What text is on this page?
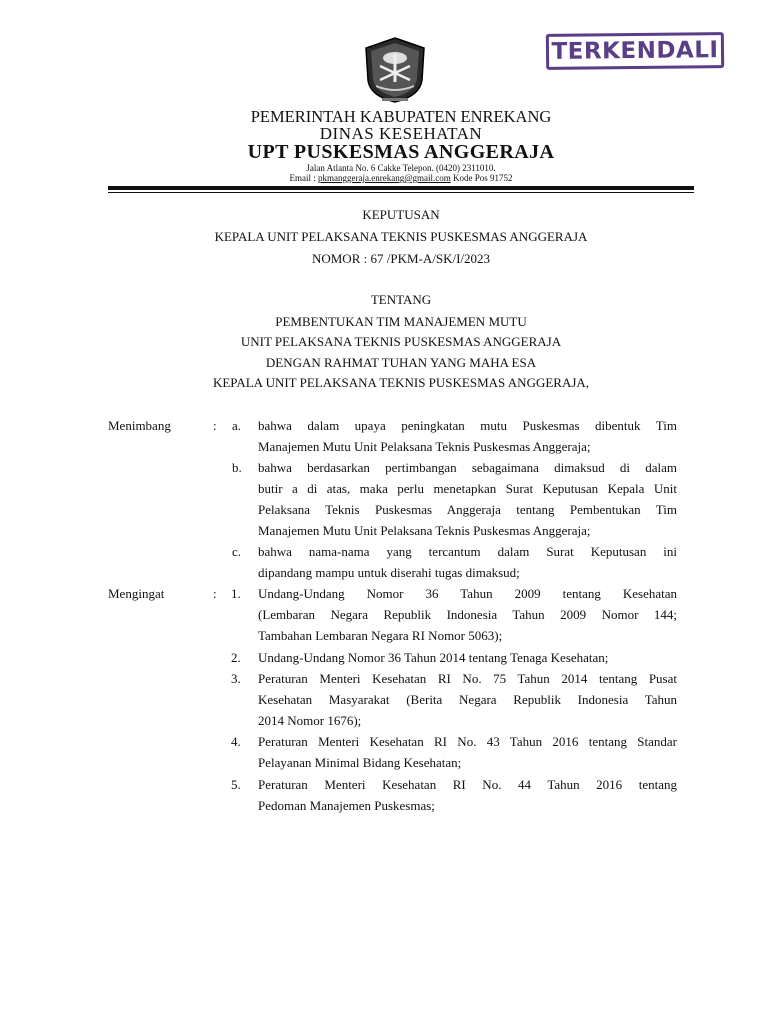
TERKENDALI
PEMERINTAH KABUPATEN ENREKANG
DINAS KESEHATAN
UPT PUSKESMAS ANGGERAJA
Jalan Atlanta No. 6 Cakke Telepon. (0420) 2311010.
Email : pkmanggeraja.enrekang@gmail.com Kode Pos 91752
KEPUTUSAN
KEPALA UNIT PELAKSANA TEKNIS PUSKESMAS ANGGERAJA
NOMOR : 67 /PKM-A/SK/I/2023
TENTANG
PEMBENTUKAN TIM MANAJEMEN MUTU
UNIT PELAKSANA TEKNIS PUSKESMAS ANGGERAJA
DENGAN RAHMAT TUHAN YANG MAHA ESA
KEPALA UNIT PELAKSANA TEKNIS PUSKESMAS ANGGERAJA,
Menimbang	: a. bahwa dalam upaya peningkatan mutu Puskesmas dibentuk Tim
Manajemen Mutu Unit Pelaksana Teknis Puskesmas Anggeraja;
b. bahwa berdasarkan pertimbangan sebagaimana dimaksud di dalam
butir a di atas, maka perlu menetapkan Surat Keputusan Kepala Unit
Pelaksana Teknis Puskesmas Anggeraja tentang Pembentukan Tim
Manajemen Mutu Unit Pelaksana Teknis Puskesmas Anggeraja;
c. bahwa nama-nama yang tercantum dalam Surat Keputusan ini
dipandang mampu untuk diserahi tugas dimaksud;
Mengingat	: 1. Undang-Undang Nomor 36 Tahun 2009 tentang Kesehatan
(Lembaran Negara Republik Indonesia Tahun 2009 Nomor 144;
Tambahan Lembaran Negara RI Nomor 5063);
2. Undang-Undang Nomor 36 Tahun 2014 tentang Tenaga Kesehatan;
3. Peraturan Menteri Kesehatan RI No. 75 Tahun 2014 tentang Pusat
Kesehatan Masyarakat (Berita Negara Republik Indonesia Tahun
2014 Nomor 1676);
4. Peraturan Menteri Kesehatan RI No. 43 Tahun 2016 tentang Standar
Pelayanan Minimal Bidang Kesehatan;
5. Peraturan Menteri Kesehatan RI No. 44 Tahun 2016 tentang
Pedoman Manajemen Puskesmas;
